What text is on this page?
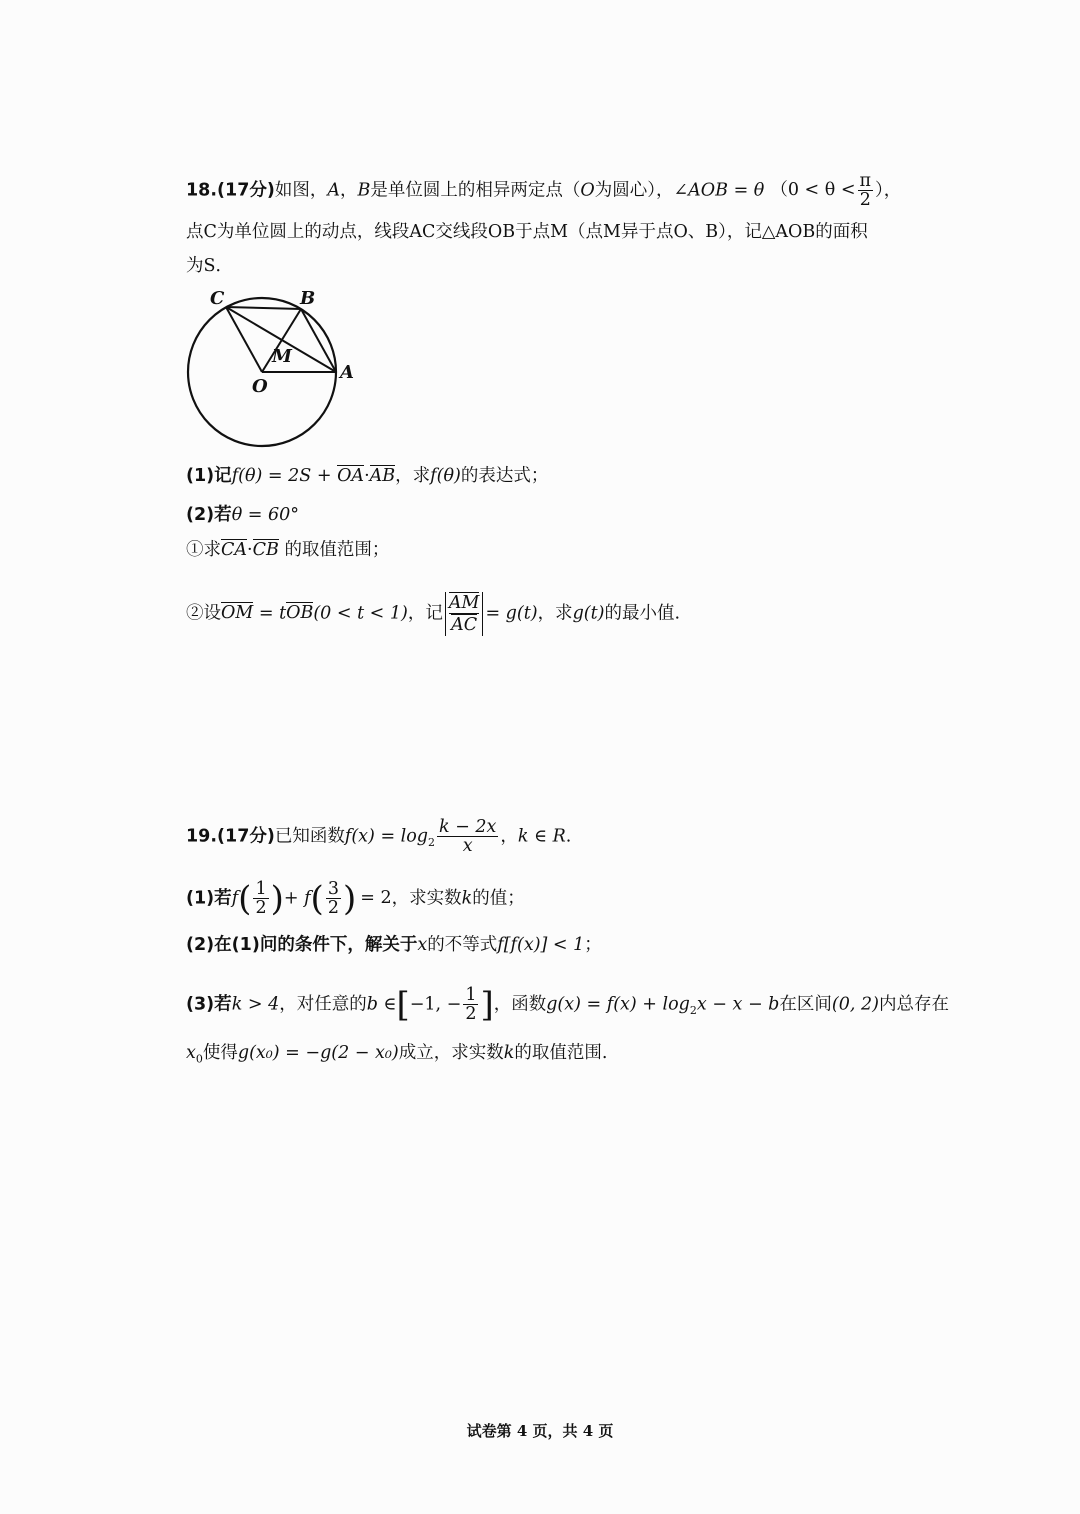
18.(17分)如图，A，B是单位圆上的相异两定点（O为圆心），∠AOB = θ （$0 < \theta < \frac{\pi}{2}$ ），
点C为单位圆上的动点，线段AC交线段OB于点M（点M异于点O、B），记△AOB的面积
为S．
C	B
M
O
A
(1)记f(θ) = 2S + OA·AB，求f(θ)的表达式；
(2)若θ = 60°
①求CA·CB 的取值范围；
②设OM = tOB(0 < t < 1)，记 $\frac{AM}{AC} = g(t)$，求g(t)的最小值.
19.(17分)已知函数$f(x) = \log_2 \frac{k - 2x}{x}$ ，k ∈ R.
(1)若$f( \frac{1}{2}$ )+ $f( \frac{3}{2}$ ) = 2，求实数k的值；
(2)在(1)问的条件下，解关于x的不等式f[f(x)] < 1；
(3)若k > 4，对任意的b ∈[−1, − $\frac{1}{2}$ ]，函数$g(x) = f(x) + \log_2x - x - b$在区间(0, 2)内总存在
$x_0$使得g(x₀) = −g(2 − x₀)成立，求实数k的取值范围.
试卷第 4 页，共 4 页
